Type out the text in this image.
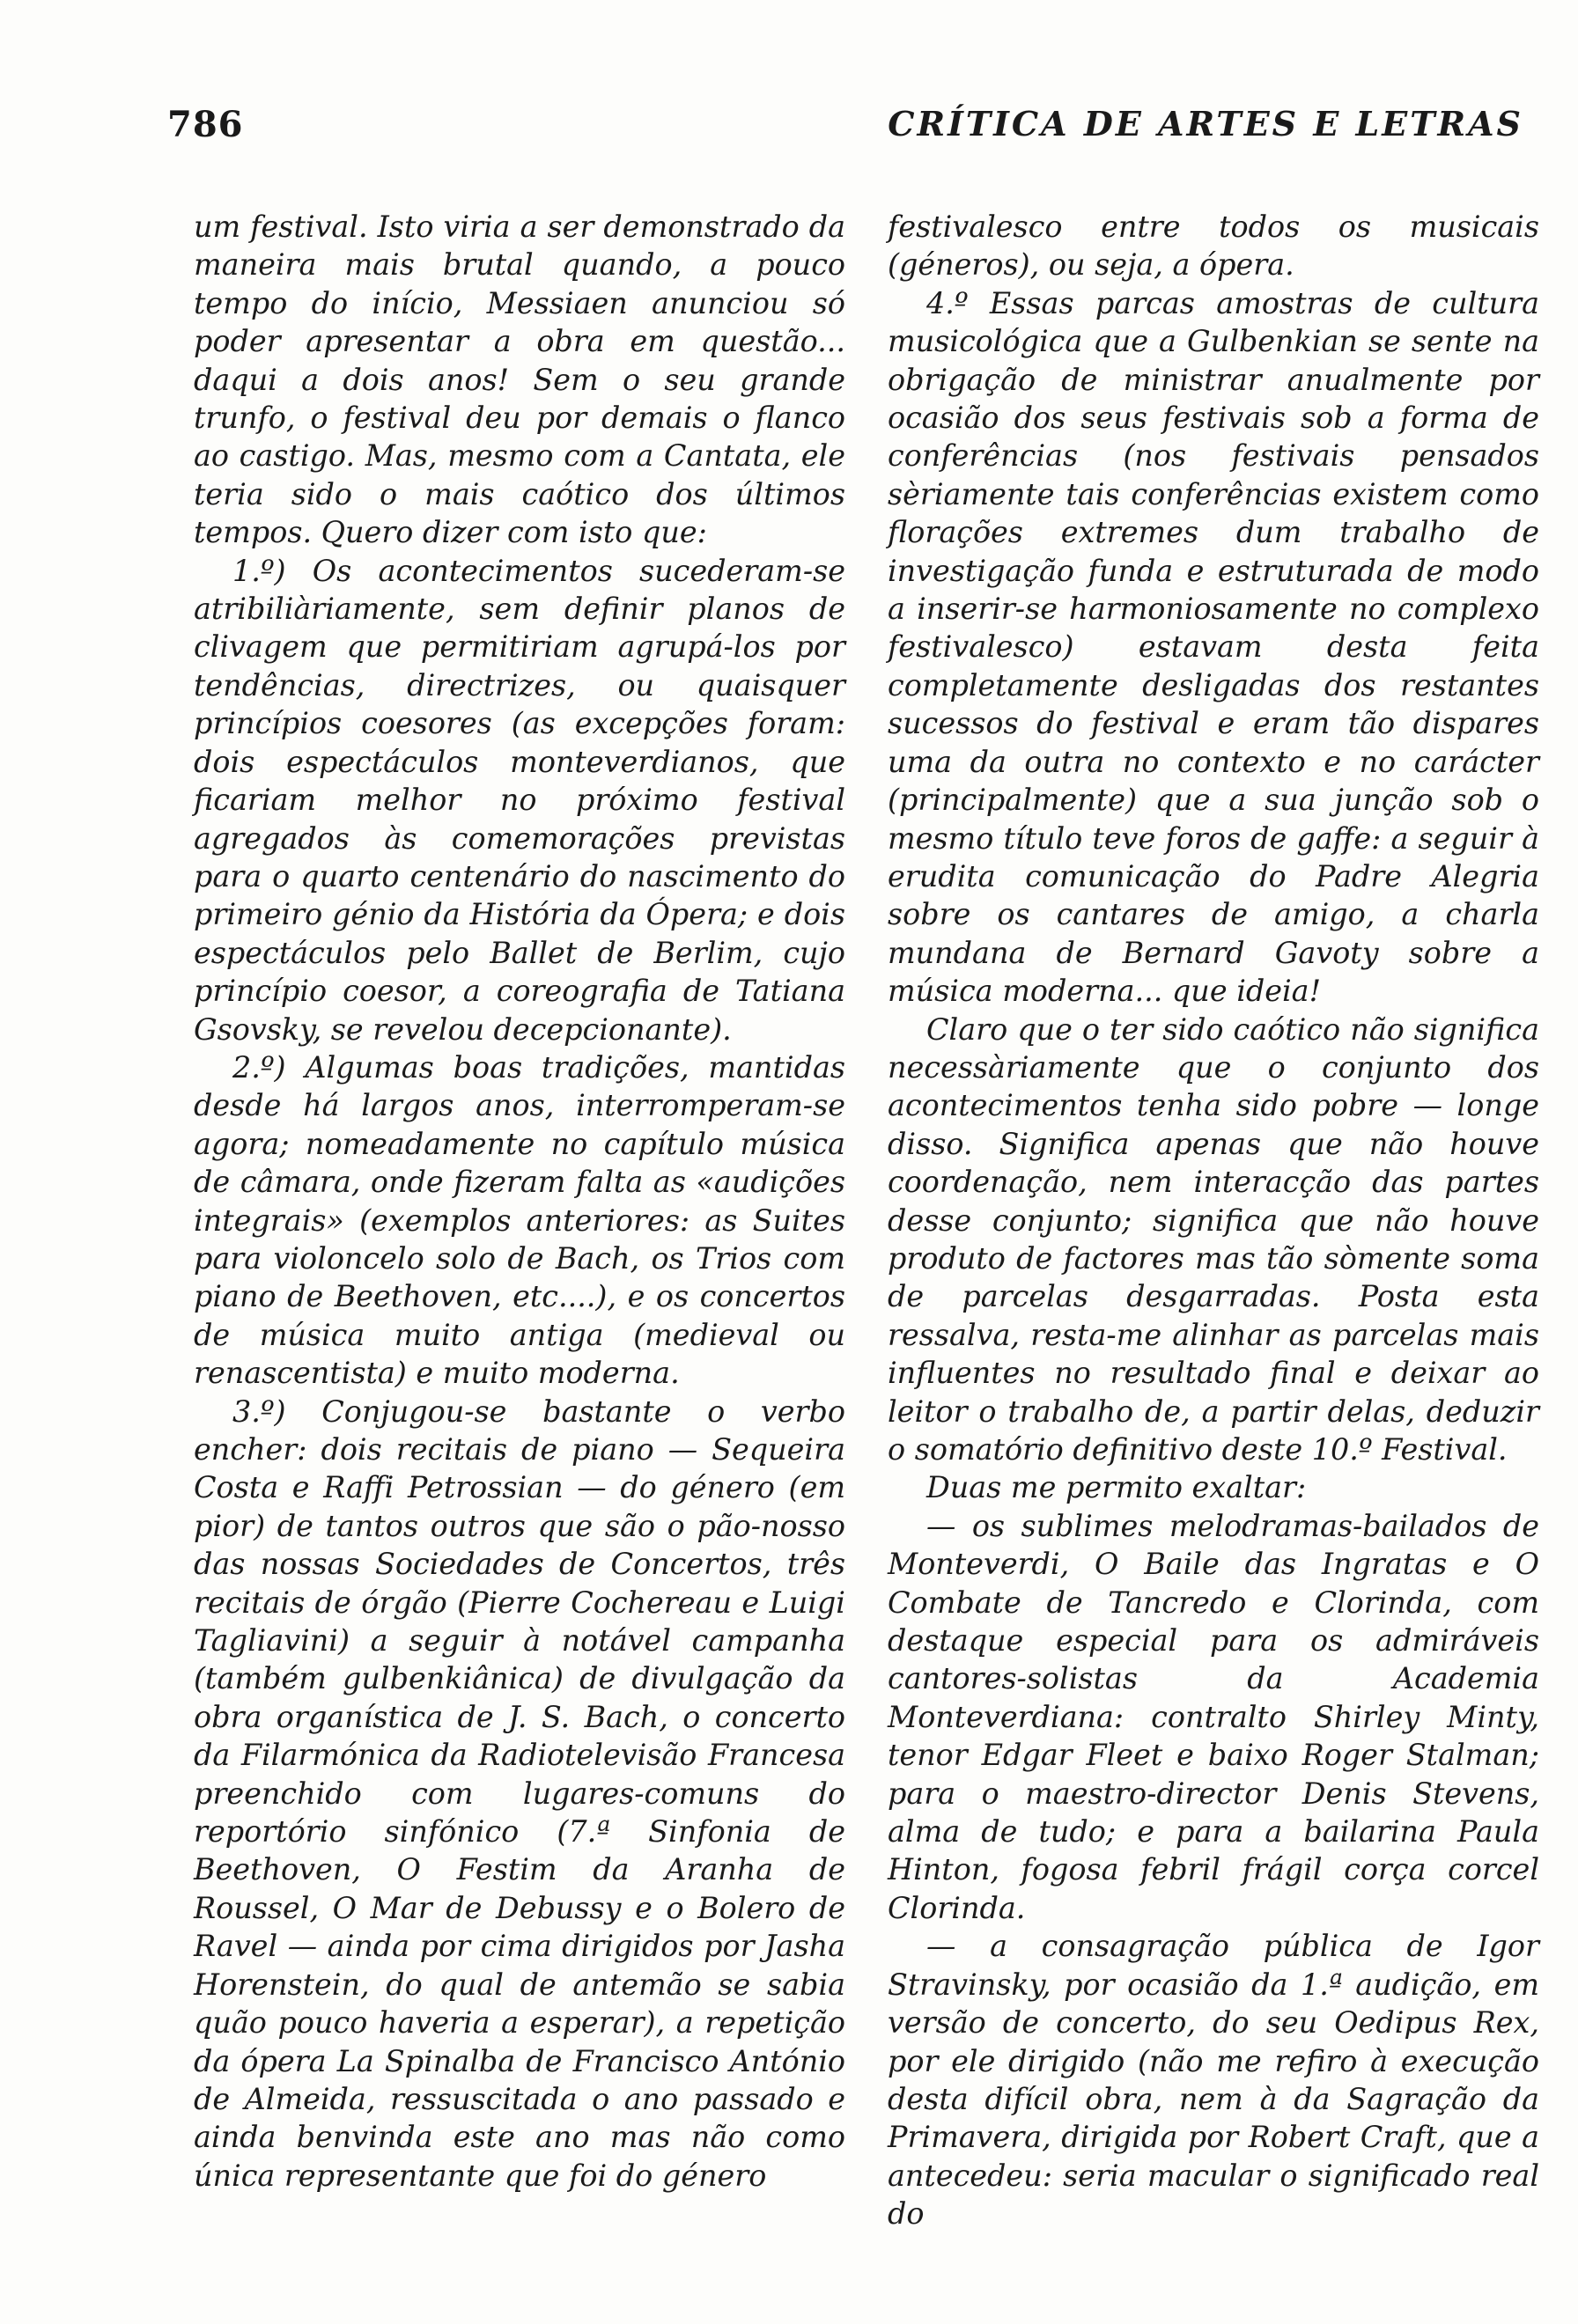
786	CRÍTICA DE ARTES E LETRAS

um festival. Isto viria a ser demonstrado da maneira mais brutal quando, a pouco tempo do início, Messiaen anunciou só poder apresentar a obra em questão... daqui a dois anos! Sem o seu grande trunfo, o festival deu por demais o flanco ao castigo. Mas, mesmo com a Cantata, ele teria sido o mais caótico dos últimos tempos. Quero dizer com isto que:

1.º) Os acontecimentos sucederam-se atribiliàriamente, sem definir planos de clivagem que permitiriam agrupá-los por tendências, directrizes, ou quaisquer princípios coesores (as excepções foram: dois espectáculos monteverdianos, que ficariam melhor no próximo festival agregados às comemorações previstas para o quarto centenário do nascimento do primeiro génio da História da Ópera; e dois espectáculos pelo Ballet de Berlim, cujo princípio coesor, a coreografia de Tatiana Gsovsky, se revelou decepcionante).

2.º) Algumas boas tradições, mantidas desde há largos anos, interromperam-se agora; nomeadamente no capítulo música de câmara, onde fizeram falta as «audições integrais» (exemplos anteriores: as Suites para violoncelo solo de Bach, os Trios com piano de Beethoven, etc....), e os concertos de música muito antiga (medieval ou renascentista) e muito moderna.

3.º) Conjugou-se bastante o verbo encher: dois recitais de piano — Sequeira Costa e Raffi Petrossian — do género (em pior) de tantos outros que são o pão-nosso das nossas Sociedades de Concertos, três recitais de órgão (Pierre Cochereau e Luigi Tagliavini) a seguir à notável campanha (também gulbenkiânica) de divulgação da obra organística de J. S. Bach, o concerto da Filarmónica da Radiotelevisão Francesa preenchido com lugares-comuns do reportório sinfónico (7.ª Sinfonia de Beethoven, O Festim da Aranha de Roussel, O Mar de Debussy e o Bolero de Ravel — ainda por cima dirigidos por Jasha Horenstein, do qual de antemão se sabia quão pouco haveria a esperar), a repetição da ópera La Spinalba de Francisco António de Almeida, ressuscitada o ano passado e ainda benvinda este ano mas não como única representante que foi do género

festivalesco entre todos os musicais (géneros), ou seja, a ópera.

4.º Essas parcas amostras de cultura musicológica que a Gulbenkian se sente na obrigação de ministrar anualmente por ocasião dos seus festivais sob a forma de conferências (nos festivais pensados sèriamente tais conferências existem como florações extremes dum trabalho de investigação funda e estruturada de modo a inserir-se harmoniosamente no complexo festivalesco) estavam desta feita completamente desligadas dos restantes sucessos do festival e eram tão dispares uma da outra no contexto e no carácter (principalmente) que a sua junção sob o mesmo título teve foros de gaffe: a seguir à erudita comunicação do Padre Alegria sobre os cantares de amigo, a charla mundana de Bernard Gavoty sobre a música moderna... que ideia!

Claro que o ter sido caótico não significa necessàriamente que o conjunto dos acontecimentos tenha sido pobre — longe disso. Significa apenas que não houve coordenação, nem interacção das partes desse conjunto; significa que não houve produto de factores mas tão sòmente soma de parcelas desgarradas. Posta esta ressalva, resta-me alinhar as parcelas mais influentes no resultado final e deixar ao leitor o trabalho de, a partir delas, deduzir o somatório definitivo deste 10.º Festival.

Duas me permito exaltar:

— os sublimes melodramas-bailados de Monteverdi, O Baile das Ingratas e O Combate de Tancredo e Clorinda, com destaque especial para os admiráveis cantores-solistas da Academia Monteverdiana: contralto Shirley Minty, tenor Edgar Fleet e baixo Roger Stalman; para o maestro-director Denis Stevens, alma de tudo; e para a bailarina Paula Hinton, fogosa febril frágil corça corcel Clorinda.

— a consagração pública de Igor Stravinsky, por ocasião da 1.ª audição, em versão de concerto, do seu Oedipus Rex, por ele dirigido (não me refiro à execução desta difícil obra, nem à da Sagração da Primavera, dirigida por Robert Craft, que a antecedeu: seria macular o significado real do
